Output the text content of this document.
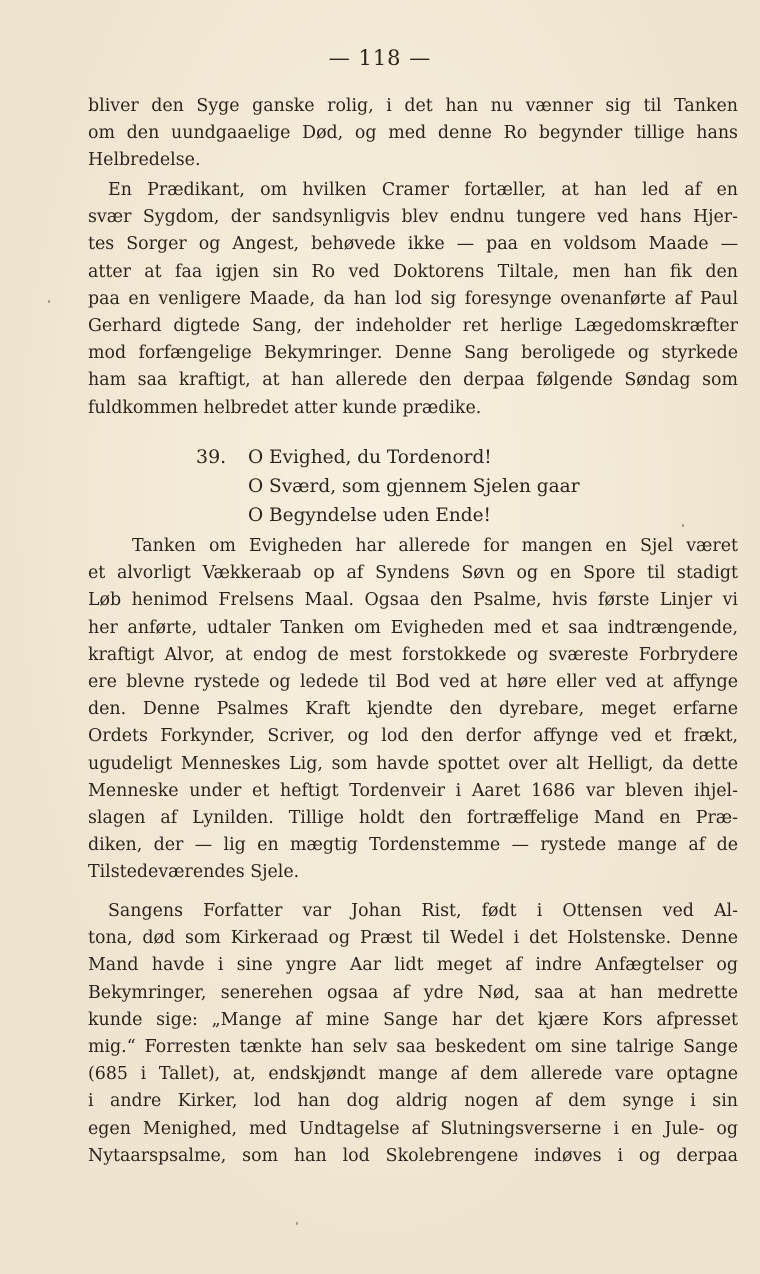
— 118 —
bliver den Syge ganske rolig, i det han nu vænner sig til Tanken
om den uundgaaelige Død, og med denne Ro begynder tillige hans
Helbredelse.
En Prædikant, om hvilken Cramer fortæller, at han led af en
svær Sygdom, der sandsynligvis blev endnu tungere ved hans Hjer-
tes Sorger og Angest, behøvede ikke — paa en voldsom Maade —
atter at faa igjen sin Ro ved Doktorens Tiltale, men han fik den
paa en venligere Maade, da han lod sig foresynge ovenanførte af Paul
Gerhard digtede Sang, der indeholder ret herlige Lægedomskræfter
mod forfængelige Bekymringer. Denne Sang beroligede og styrkede
ham saa kraftigt, at han allerede den derpaa følgende Søndag som
fuldkommen helbredet atter kunde prædike.
39. O Evighed, du Tordenord!
O Sværd, som gjennem Sjelen gaar
O Begyndelse uden Ende!
Tanken om Evigheden har allerede for mangen en Sjel været
et alvorligt Vækkeraab op af Syndens Søvn og en Spore til stadigt
Løb henimod Frelsens Maal. Ogsaa den Psalme, hvis første Linjer vi
her anførte, udtaler Tanken om Evigheden med et saa indtrængende,
kraftigt Alvor, at endog de mest forstokkede og sværeste Forbrydere
ere blevne rystede og ledede til Bod ved at høre eller ved at affynge
den. Denne Psalmes Kraft kjendte den dyrebare, meget erfarne
Ordets Forkynder, Scriver, og lod den derfor affynge ved et frækt,
ugudeligt Menneskes Lig, som havde spottet over alt Helligt, da dette
Menneske under et heftigt Tordenveir i Aaret 1686 var bleven ihjel-
slagen af Lynilden. Tillige holdt den fortræffelige Mand en Præ-
diken, der — lig en mægtig Tordenstemme — rystede mange af de
Tilstedeværendes Sjele.
Sangens Forfatter var Johan Rist, født i Ottensen ved Al-
tona, død som Kirkeraad og Præst til Wedel i det Holstenske. Denne
Mand havde i sine yngre Aar lidt meget af indre Anfægtelser og
Bekymringer, senerehen ogsaa af ydre Nød, saa at han medrette
kunde sige: „Mange af mine Sange har det kjære Kors afpresset
mig.“ Forresten tænkte han selv saa beskedent om sine talrige Sange
(685 i Tallet), at, endskjøndt mange af dem allerede vare optagne
i andre Kirker, lod han dog aldrig nogen af dem synge i sin
egen Menighed, med Undtagelse af Slutningsverserne i en Jule- og
Nytaarspsalme, som han lod Skolebrengene indøves i og derpaa
